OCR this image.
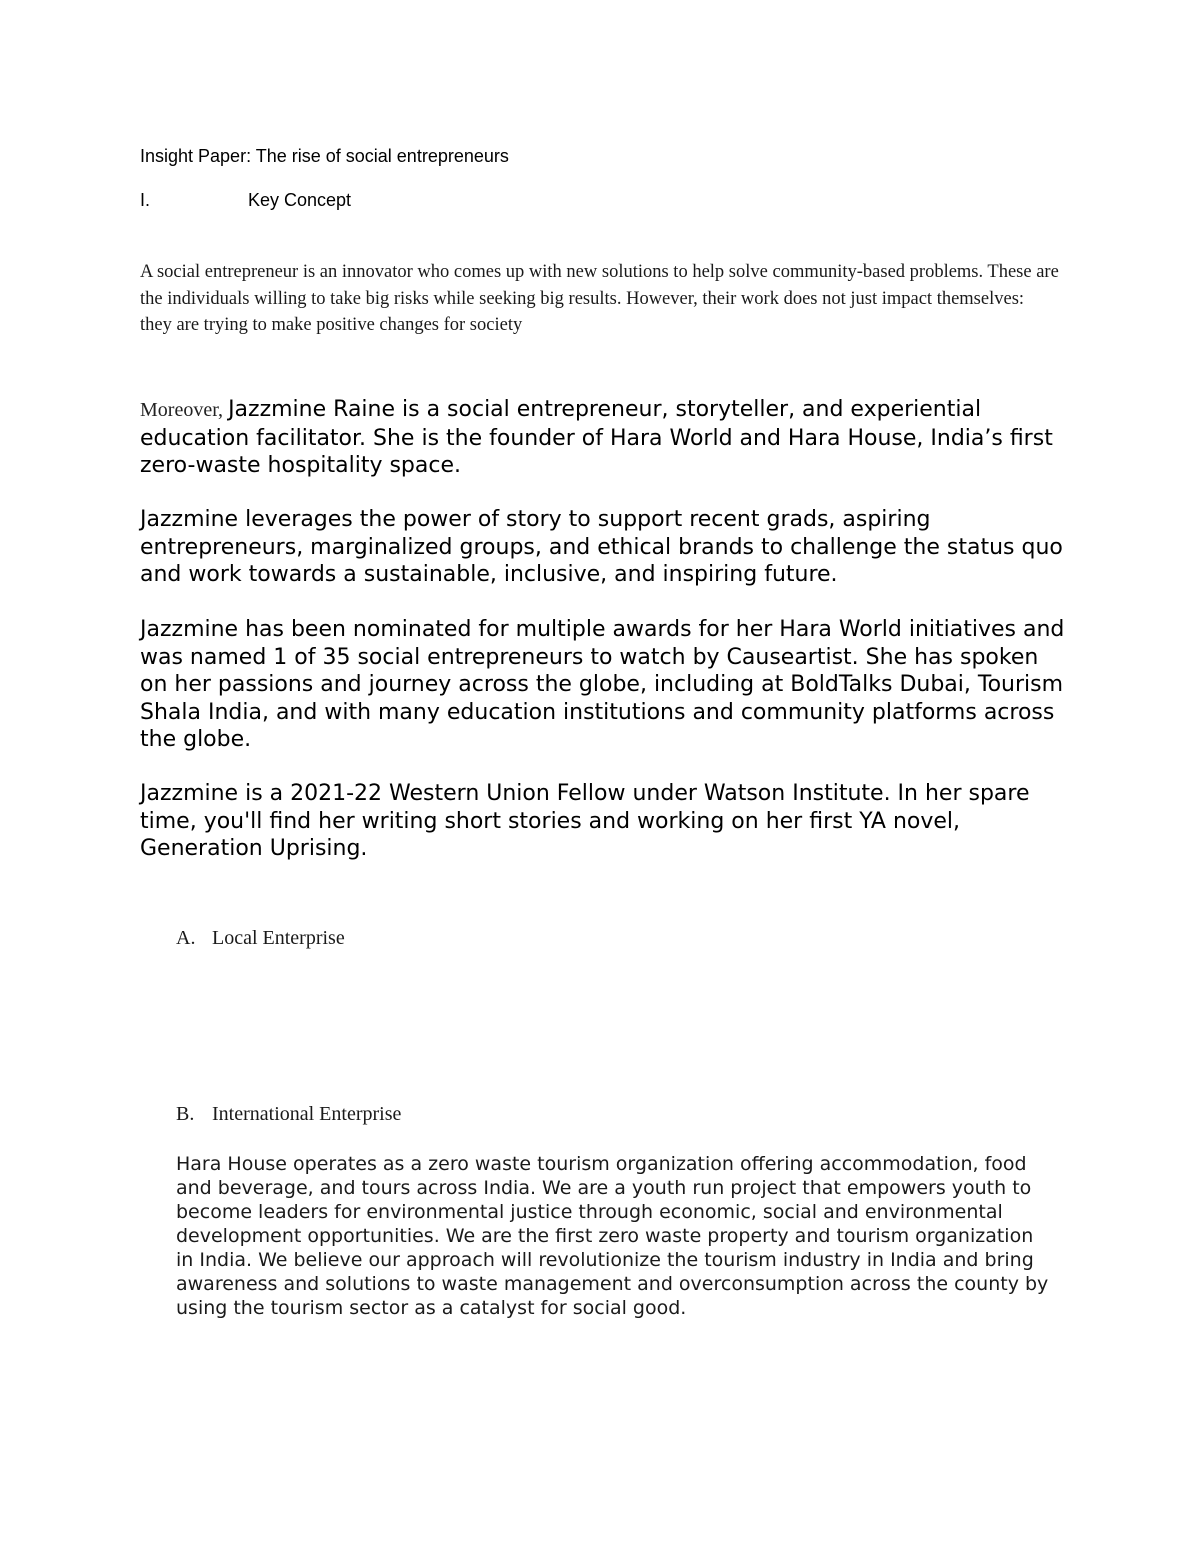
Insight Paper: The rise of social entrepreneurs

I.	Key Concept

A social entrepreneur is an innovator who comes up with new solutions to help solve community-based problems. These are the individuals willing to take big risks while seeking big results. However, their work does not just impact themselves: they are trying to make positive changes for society

Moreover, Jazzmine Raine is a social entrepreneur, storyteller, and experiential education facilitator. She is the founder of Hara World and Hara House, India’s first zero-waste hospitality space.

Jazzmine leverages the power of story to support recent grads, aspiring entrepreneurs, marginalized groups, and ethical brands to challenge the status quo and work towards a sustainable, inclusive, and inspiring future.

Jazzmine has been nominated for multiple awards for her Hara World initiatives and was named 1 of 35 social entrepreneurs to watch by Causeartist. She has spoken on her passions and journey across the globe, including at BoldTalks Dubai, Tourism Shala India, and with many education institutions and community platforms across the globe.

Jazzmine is a 2021-22 Western Union Fellow under Watson Institute. In her spare time, you'll find her writing short stories and working on her first YA novel, Generation Uprising.

A. Local Enterprise

B. International Enterprise

Hara House operates as a zero waste tourism organization offering accommodation, food and beverage, and tours across India. We are a youth run project that empowers youth to become leaders for environmental justice through economic, social and environmental development opportunities. We are the first zero waste property and tourism organization in India. We believe our approach will revolutionize the tourism industry in India and bring awareness and solutions to waste management and overconsumption across the county by using the tourism sector as a catalyst for social good.
